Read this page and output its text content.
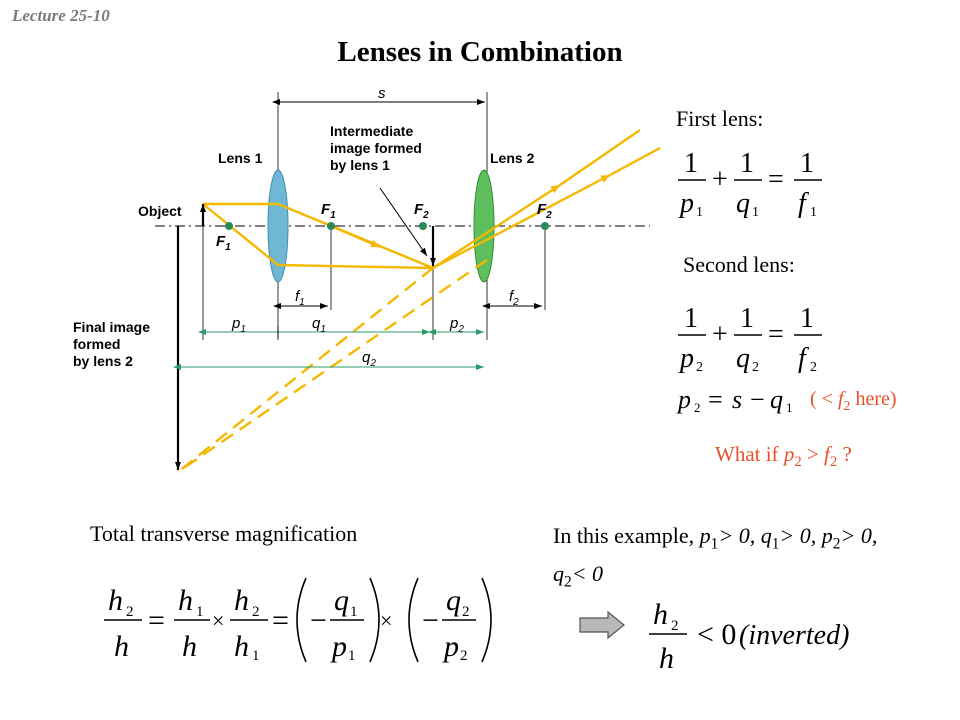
Lecture 25-10
Lenses in Combination
s
Intermediate
image formed
by lens 1
Lens 1	Lens 2
Object
Final image
formed
by lens 2
$F_1$
$F_1$	$F_2$	$F_2$
$f_1$	$f_2$
$p_1$	$q_1$	$p_2$
$q_2$
First lens:
1
p 1
+
1
q 1
=
1
f 1
Second lens:
1
p 2
+
1
q 2
=
1
f 2
p 2 = s − q 1 ( < $f_2$ here)
What if $p_2 > f_2$ ?
Total transverse magnification	In this example, $p_1> 0$, $q_1> 0$, $p_2> 0$, $q_2< 0$
h 2
h
=
h 1
h
×
h 2
h 1
= −
q 1
p 1
× −
q 2
p 2
h 2
h
< 0 (inverted)
